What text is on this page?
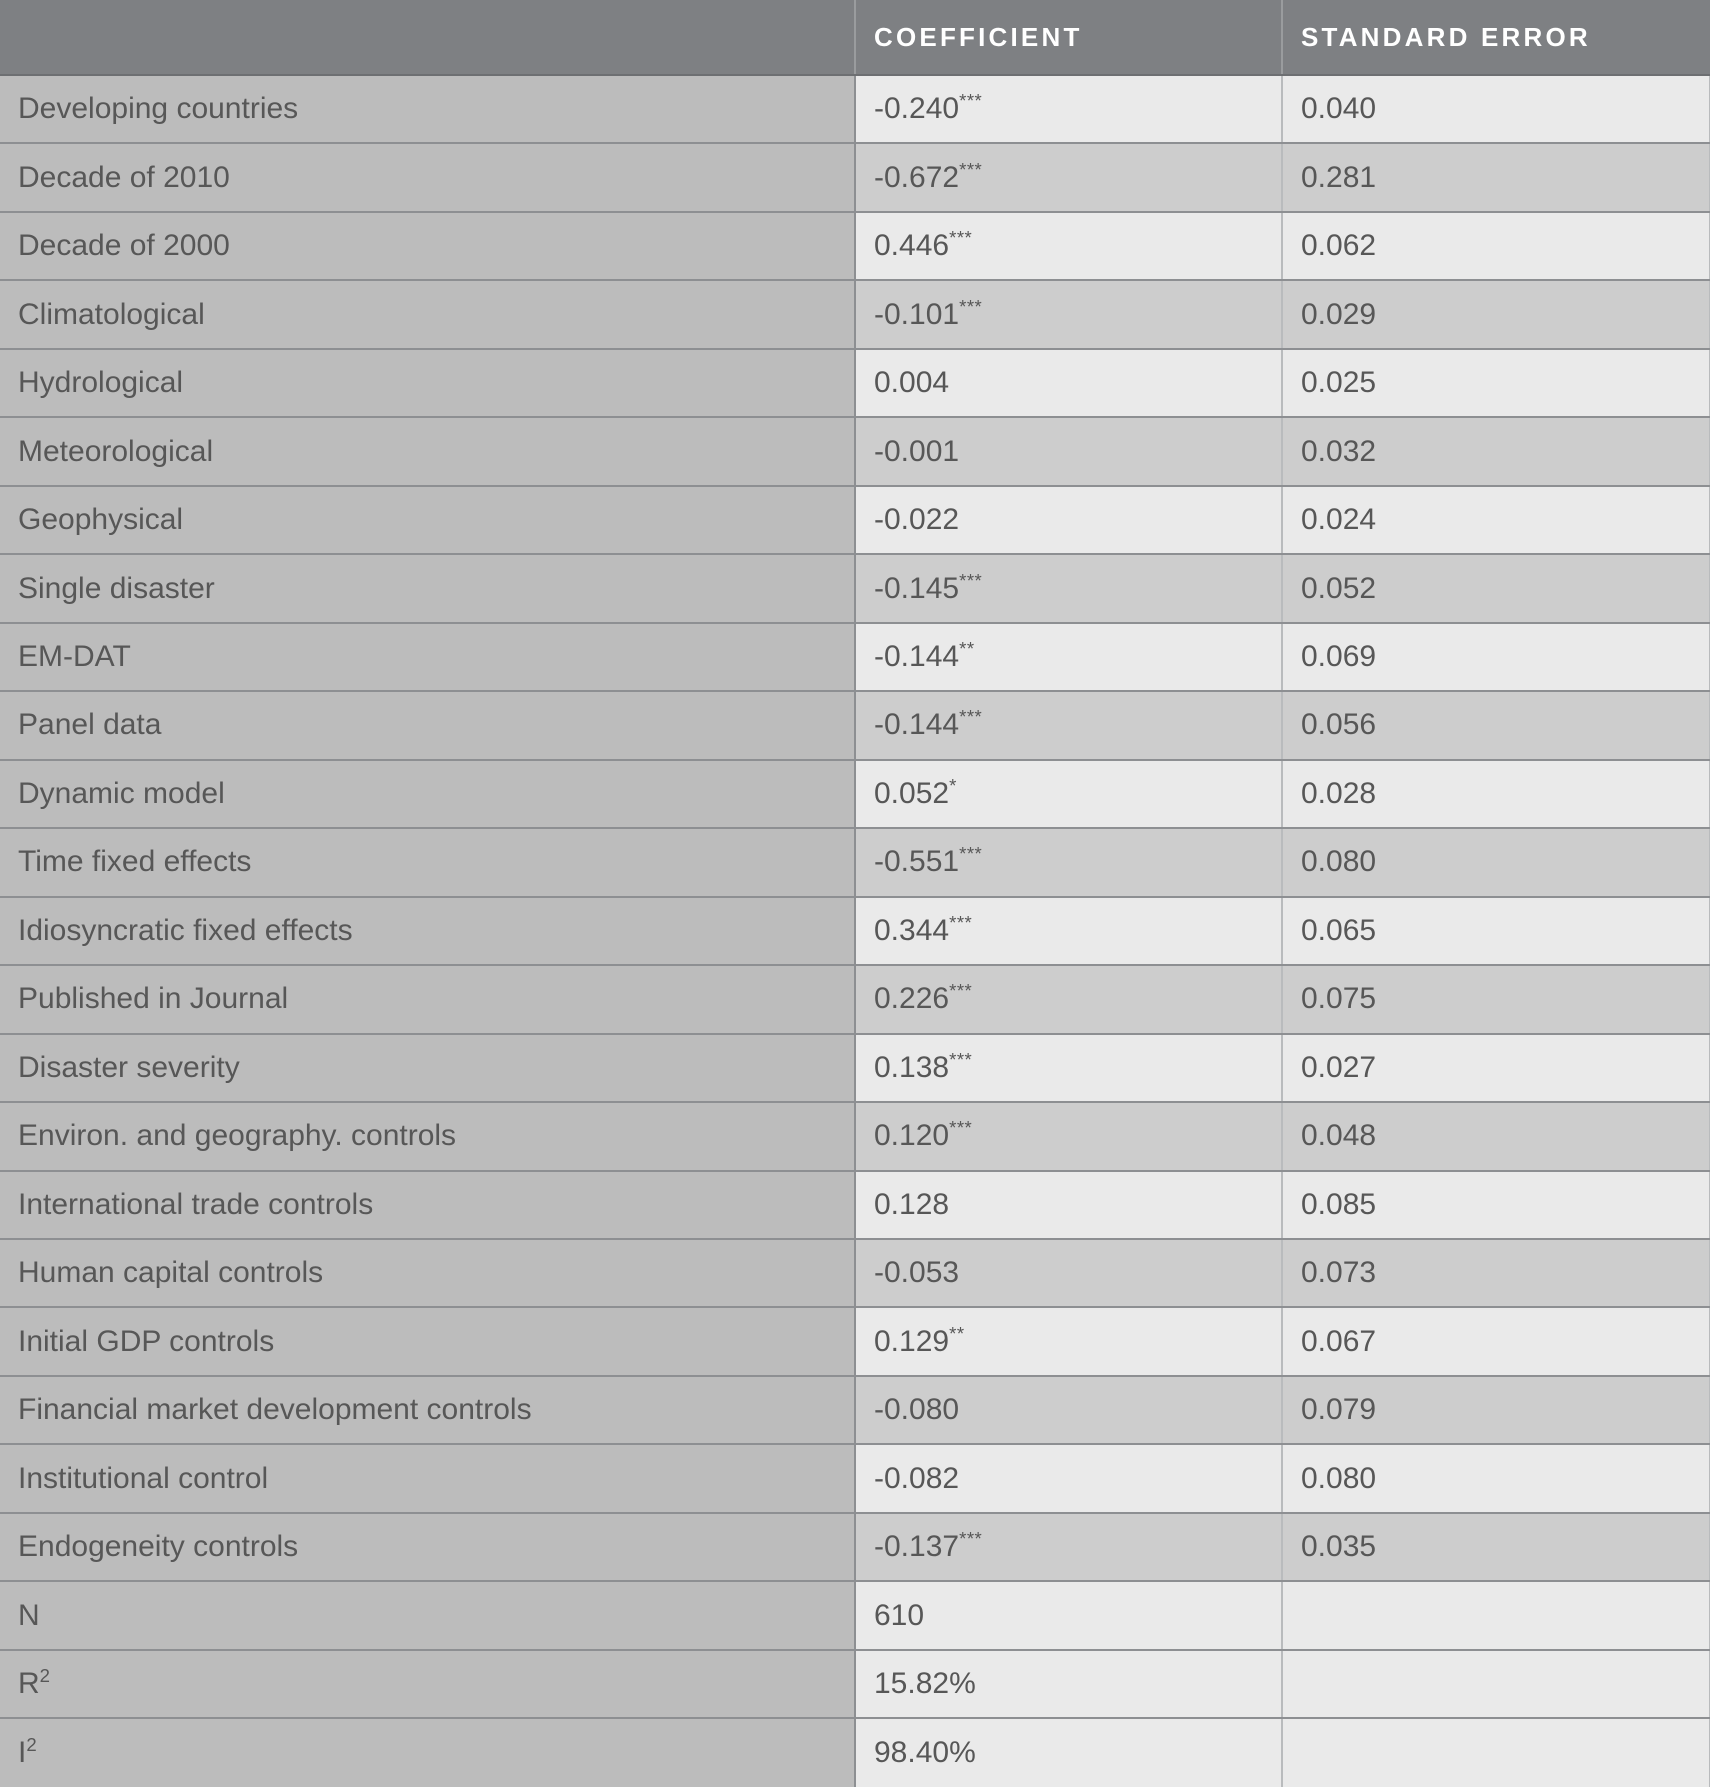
	COEFFICIENT	STANDARD ERROR
Developing countries	-0.240***	0.040
Decade of 2010	-0.672***	0.281
Decade of 2000	0.446***	0.062
Climatological	-0.101***	0.029
Hydrological	0.004	0.025
Meteorological	-0.001	0.032
Geophysical	-0.022	0.024
Single disaster	-0.145***	0.052
EM-DAT	-0.144**	0.069
Panel data	-0.144***	0.056
Dynamic model	0.052*	0.028
Time fixed effects	-0.551***	0.080
Idiosyncratic fixed effects	0.344***	0.065
Published in Journal	0.226***	0.075
Disaster severity	0.138***	0.027
Environ. and geography. controls	0.120***	0.048
International trade controls	0.128	0.085
Human capital controls	-0.053	0.073
Initial GDP controls	0.129**	0.067
Financial market development controls	-0.080	0.079
Institutional control	-0.082	0.080
Endogeneity controls	-0.137***	0.035
N	610	
$R^2$	15.82%	
$I^2$	98.40%	
